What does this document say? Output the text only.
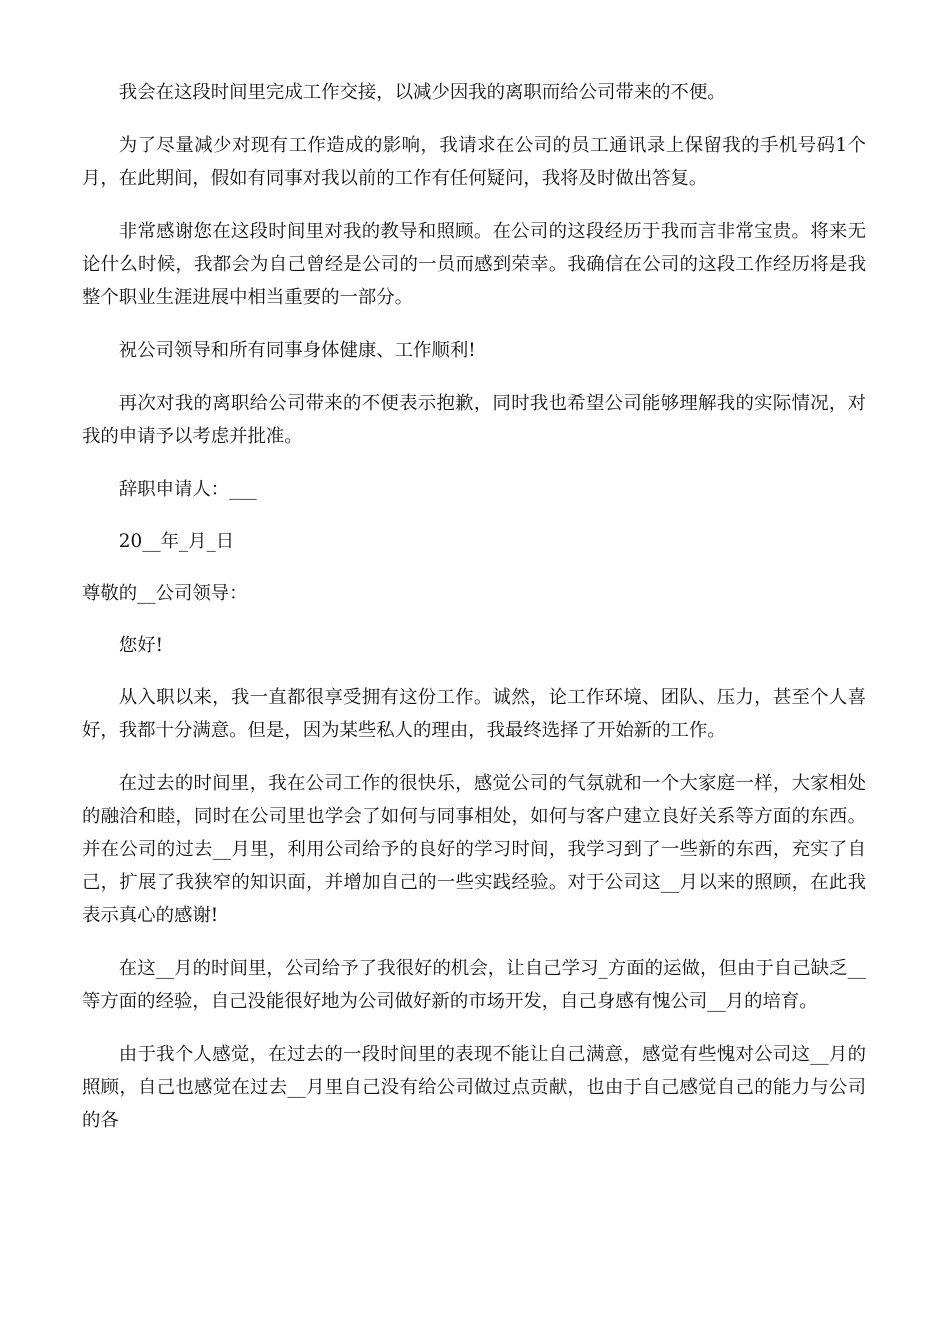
我会在这段时间里完成工作交接，以减少因我的离职而给公司带来的不便。

为了尽量减少对现有工作造成的影响，我请求在公司的员工通讯录上保留我的手机号码1个月，在此期间，假如有同事对我以前的工作有任何疑问，我将及时做出答复。

非常感谢您在这段时间里对我的教导和照顾。在公司的这段经历于我而言非常宝贵。将来无论什么时候，我都会为自己曾经是公司的一员而感到荣幸。我确信在公司的这段工作经历将是我整个职业生涯进展中相当重要的一部分。

祝公司领导和所有同事身体健康、工作顺利!

再次对我的离职给公司带来的不便表示抱歉，同时我也希望公司能够理解我的实际情况，对我的申请予以考虑并批准。

辞职申请人：___

20__年_月_日

尊敬的__公司领导：

您好!

从入职以来，我一直都很享受拥有这份工作。诚然，论工作环境、团队、压力，甚至个人喜好，我都十分满意。但是，因为某些私人的理由，我最终选择了开始新的工作。

在过去的时间里，我在公司工作的很快乐，感觉公司的气氛就和一个大家庭一样，大家相处的融洽和睦，同时在公司里也学会了如何与同事相处，如何与客户建立良好关系等方面的东西。并在公司的过去__月里，利用公司给予的良好的学习时间，我学习到了一些新的东西，充实了自己，扩展了我狭窄的知识面，并增加自己的一些实践经验。对于公司这__月以来的照顾，在此我表示真心的感谢!

在这__月的时间里，公司给予了我很好的机会，让自己学习_方面的运做，但由于自己缺乏__等方面的经验，自己没能很好地为公司做好新的市场开发，自己身感有愧公司__月的培育。

由于我个人感觉，在过去的一段时间里的表现不能让自己满意，感觉有些愧对公司这__月的照顾，自己也感觉在过去__月里自己没有给公司做过点贡献，也由于自己感觉自己的能力与公司的各
